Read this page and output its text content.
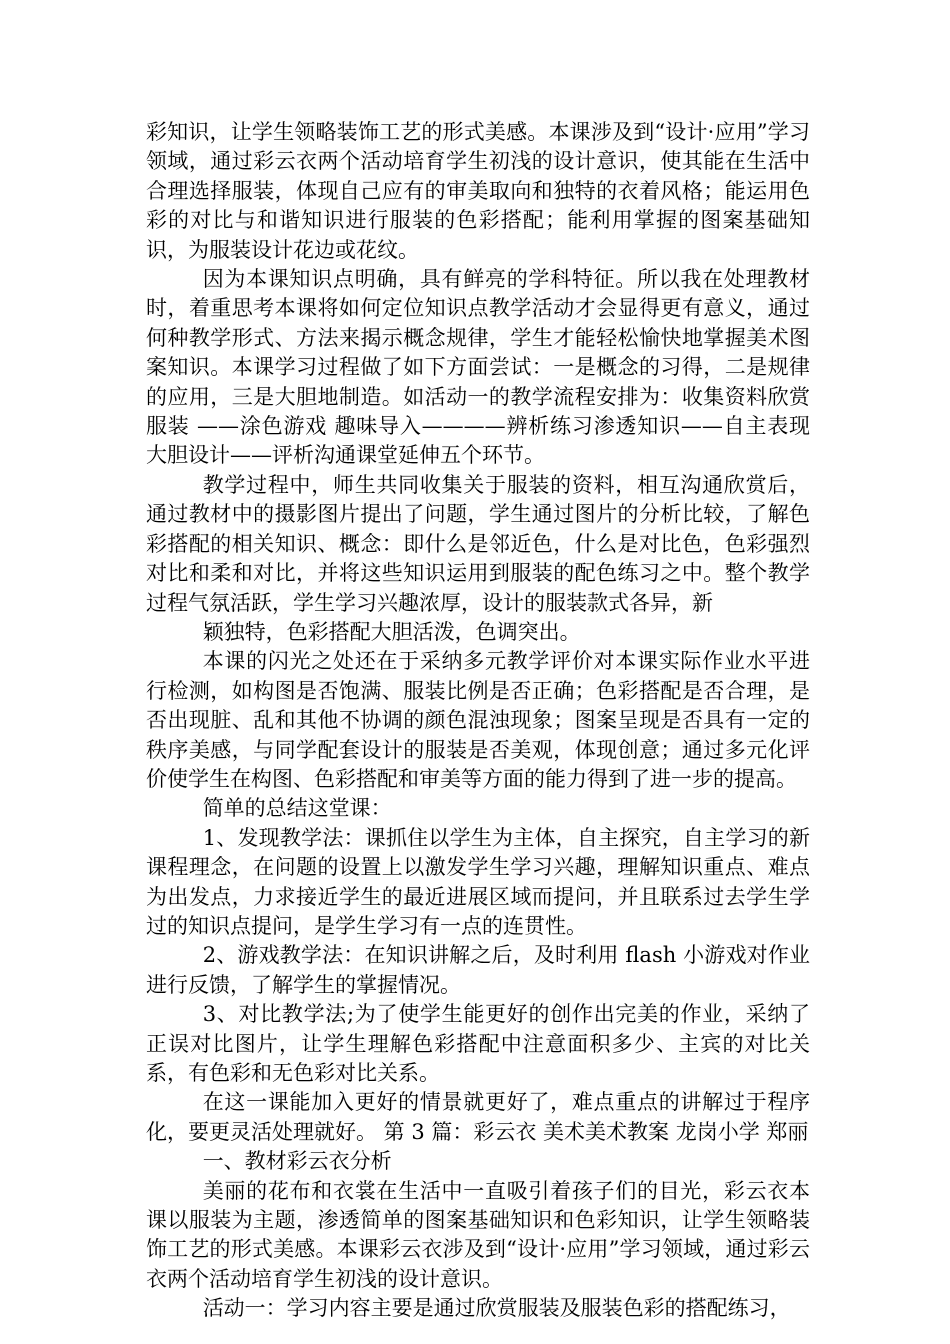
彩知识，让学生领略装饰工艺的形式美感。本课涉及到“设计·应用”学习领域，通过彩云衣两个活动培育学生初浅的设计意识，使其能在生活中合理选择服装，体现自己应有的审美取向和独特的衣着风格；能运用色彩的对比与和谐知识进行服装的色彩搭配；能利用掌握的图案基础知识，为服装设计花边或花纹。

因为本课知识点明确，具有鲜亮的学科特征。所以我在处理教材时，着重思考本课将如何定位知识点教学活动才会显得更有意义，通过何种教学形式、方法来揭示概念规律，学生才能轻松愉快地掌握美术图案知识。本课学习过程做了如下方面尝试：一是概念的习得，二是规律的应用，三是大胆地制造。如活动一的教学流程安排为：收集资料欣赏服装 ——涂色游戏 趣味导入————辨析练习渗透知识——自主表现大胆设计——评析沟通课堂延伸五个环节。

教学过程中，师生共同收集关于服装的资料，相互沟通欣赏后，通过教材中的摄影图片提出了问题，学生通过图片的分析比较，了解色彩搭配的相关知识、概念：即什么是邻近色，什么是对比色，色彩强烈对比和柔和对比，并将这些知识运用到服装的配色练习之中。整个教学过程气氛活跃，学生学习兴趣浓厚，设计的服装款式各异，新

颖独特，色彩搭配大胆活泼，色调突出。

本课的闪光之处还在于采纳多元教学评价对本课实际作业水平进行检测，如构图是否饱满、服装比例是否正确；色彩搭配是否合理，是否出现脏、乱和其他不协调的颜色混浊现象；图案呈现是否具有一定的秩序美感，与同学配套设计的服装是否美观，体现创意；通过多元化评价使学生在构图、色彩搭配和审美等方面的能力得到了进一步的提高。

简单的总结这堂课：

1、发现教学法：课抓住以学生为主体，自主探究，自主学习的新课程理念，在问题的设置上以激发学生学习兴趣，理解知识重点、难点为出发点，力求接近学生的最近进展区域而提问，并且联系过去学生学过的知识点提问，是学生学习有一点的连贯性。

2、游戏教学法：在知识讲解之后，及时利用 flash 小游戏对作业进行反馈，了解学生的掌握情况。

3、对比教学法;为了使学生能更好的创作出完美的作业，采纳了正误对比图片，让学生理解色彩搭配中注意面积多少、主宾的对比关系，有色彩和无色彩对比关系。

在这一课能加入更好的情景就更好了，难点重点的讲解过于程序化，要更灵活处理就好。 第 3 篇：彩云衣 美术美术教案 龙岗小学 郑丽

一、教材彩云衣分析

美丽的花布和衣裳在生活中一直吸引着孩子们的目光，彩云衣本课以服装为主题，渗透简单的图案基础知识和色彩知识，让学生领略装饰工艺的形式美感。本课彩云衣涉及到“设计·应用”学习领域，通过彩云衣两个活动培育学生初浅的设计意识。

活动一：学习内容主要是通过欣赏服装及服装色彩的搭配练习，
